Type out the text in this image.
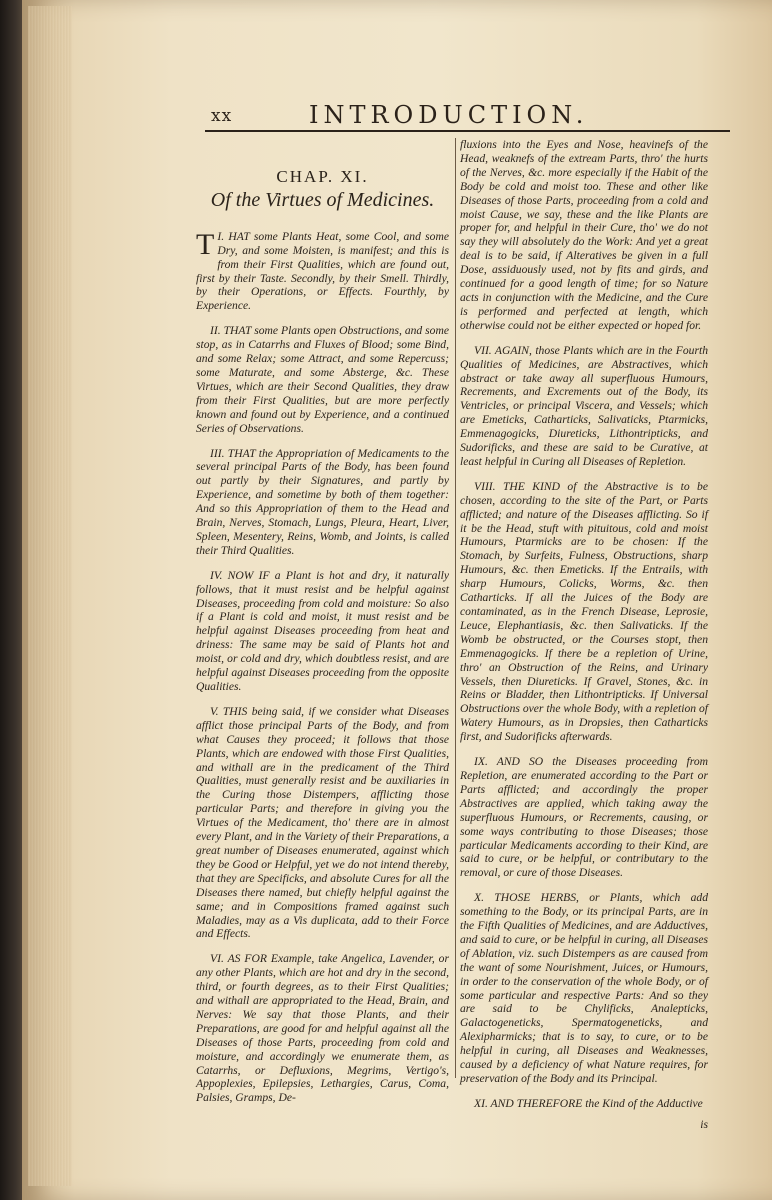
xx	INTRODUCTION.
CHAP. XI.
Of the Virtues of Medicines.

T I. HAT some Plants Heat, some Cool, and some Dry, and some Moisten, is manifest; and this is from their First Qualities, which are found out, first by their Taste. Secondly, by their Smell. Thirdly, by their Operations, or Effects. Fourthly, by Experience.

II. THAT some Plants open Obstructions, and some stop, as in Catarrhs and Fluxes of Blood; some Bind, and some Relax; some Attract, and some Repercuss; some Maturate, and some Absterge, &c. These Virtues, which are their Second Qualities, they draw from their First Qualities, but are more perfectly known and found out by Experience, and a continued Series of Observations.

III. THAT the Appropriation of Medicaments to the several principal Parts of the Body, has been found out partly by their Signatures, and partly by Experience, and sometime by both of them together: And so this Appropriation of them to the Head and Brain, Nerves, Stomach, Lungs, Pleura, Heart, Liver, Spleen, Mesentery, Reins, Womb, and Joints, is called their Third Qualities.

IV. NOW IF a Plant is hot and dry, it naturally follows, that it must resist and be helpful against Diseases, proceeding from cold and moisture: So also if a Plant is cold and moist, it must resist and be helpful against Diseases proceeding from heat and driness: The same may be said of Plants hot and moist, or cold and dry, which doubtless resist, and are helpful against Diseases proceeding from the opposite Qualities.

V. THIS being said, if we consider what Diseases afflict those principal Parts of the Body, and from what Causes they proceed; it follows that those Plants, which are endowed with those First Qualities, and withall are in the predicament of the Third Qualities, must generally resist and be auxiliaries in the Curing those Distempers, afflicting those particular Parts; and therefore in giving you the Virtues of the Medicament, tho' there are in almost every Plant, and in the Variety of their Preparations, a great number of Diseases enumerated, against which they be Good or Helpful, yet we do not intend thereby, that they are Specificks, and absolute Cures for all the Diseases there named, but chiefly helpful against the same; and in Compositions framed against such Maladies, may as a Vis duplicata, add to their Force and Effects.

VI. AS FOR Example, take Angelica, Lavender, or any other Plants, which are hot and dry in the second, third, or fourth degrees, as to their First Qualities; and withall are appropriated to the Head, Brain, and Nerves: We say that those Plants, and their Preparations, are good for and helpful against all the Diseases of those Parts, proceeding from cold and moisture, and accordingly we enumerate them, as Catarrhs, or Defluxions, Megrims, Vertigo's, Appoplexies, Epilepsies, Lethargies, Carus, Coma, Palsies, Gramps, De-

fluxions into the Eyes and Nose, heavinefs of the Head, weaknefs of the extream Parts, thro' the hurts of the Nerves, &c. more especially if the Habit of the Body be cold and moist too. These and other like Diseases of those Parts, proceeding from a cold and moist Cause, we say, these and the like Plants are proper for, and helpful in their Cure, tho' we do not say they will absolutely do the Work: And yet a great deal is to be said, if Alteratives be given in a full Dose, assiduously used, not by fits and girds, and continued for a good length of time; for so Nature acts in conjunction with the Medicine, and the Cure is performed and perfected at length, which otherwise could not be either expected or hoped for.

VII. AGAIN, those Plants which are in the Fourth Qualities of Medicines, are Abstractives, which abstract or take away all superfluous Humours, Recrements, and Excrements out of the Body, its Ventricles, or principal Viscera, and Vessels; which are Emeticks, Catharticks, Salivaticks, Ptarmicks, Emmenagogicks, Diureticks, Lithontripticks, and Sudorificks, and these are said to be Curative, at least helpful in Curing all Diseases of Repletion.

VIII. THE KIND of the Abstractive is to be chosen, according to the site of the Part, or Parts afflicted; and nature of the Diseases afflicting. So if it be the Head, stuft with pituitous, cold and moist Humours, Ptarmicks are to be chosen: If the Stomach, by Surfeits, Fulness, Obstructions, sharp Humours, &c. then Emeticks. If the Entrails, with sharp Humours, Colicks, Worms, &c. then Catharticks. If all the Juices of the Body are contaminated, as in the French Disease, Leprosie, Leuce, Elephantiasis, &c. then Salivaticks. If the Womb be obstructed, or the Courses stopt, then Emmenagogicks. If there be a repletion of Urine, thro' an Obstruction of the Reins, and Urinary Vessels, then Diureticks. If Gravel, Stones, &c. in Reins or Bladder, then Lithontripticks. If Universal Obstructions over the whole Body, with a repletion of Watery Humours, as in Dropsies, then Catharticks first, and Sudorificks afterwards.

IX. AND SO the Diseases proceeding from Repletion, are enumerated according to the Part or Parts afflicted; and accordingly the proper Abstractives are applied, which taking away the superfluous Humours, or Recrements, causing, or some ways contributing to those Diseases; those particular Medicaments according to their Kind, are said to cure, or be helpful, or contributary to the removal, or cure of those Diseases.

X. THOSE HERBS, or Plants, which add something to the Body, or its principal Parts, are in the Fifth Qualities of Medicines, and are Adductives, and said to cure, or be helpful in curing, all Diseases of Ablation, viz. such Distempers as are caused from the want of some Nourishment, Juices, or Humours, in order to the conservation of the whole Body, or of some particular and respective Parts: And so they are said to be Chylificks, Analepticks, Galactogeneticks, Spermatogeneticks, and Alexipharmicks; that is to say, to cure, or to be helpful in curing, all Diseases and Weaknesses, caused by a deficiency of what Nature requires, for preservation of the Body and its Principal.

XI. AND THEREFORE the Kind of the Adductive

is
